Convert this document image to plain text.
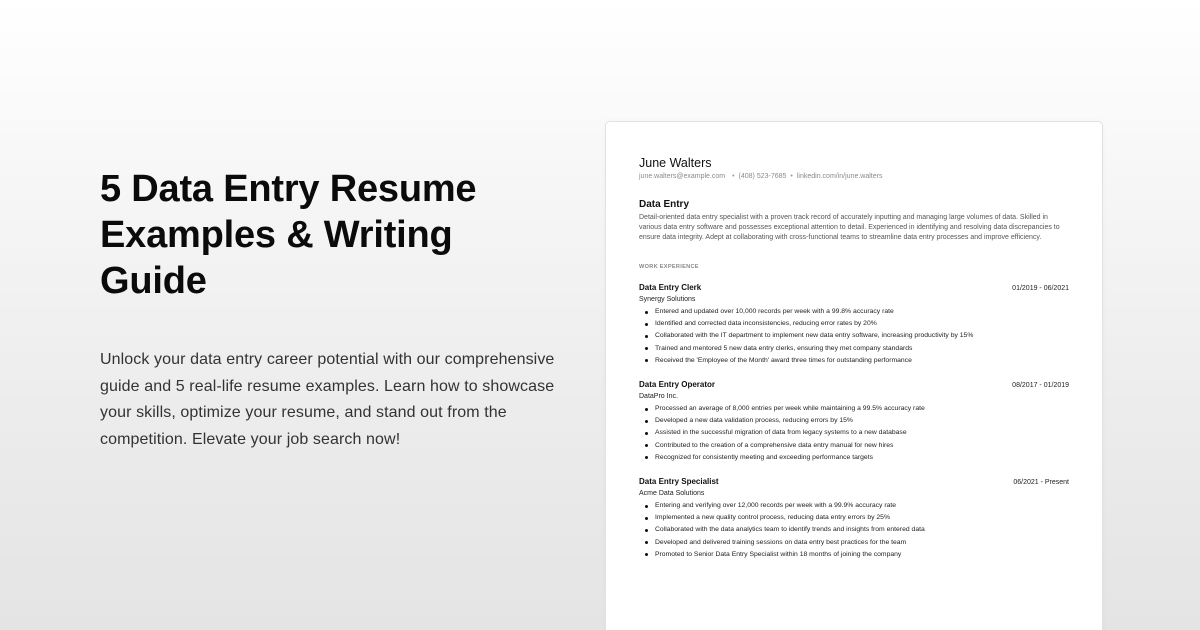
5 Data Entry Resume Examples & Writing Guide

Unlock your data entry career potential with our comprehensive guide and 5 real-life resume examples. Learn how to showcase your skills, optimize your resume, and stand out from the competition. Elevate your job search now!

June Walters
june.walters@example.com • (408) 523-7685 • linkedin.com/in/june.walters
Data Entry

Detail-oriented data entry specialist with a proven track record of accurately inputting and managing large volumes of data. Skilled in various data entry software and possesses exceptional attention to detail. Experienced in identifying and resolving data discrepancies to ensure data integrity. Adept at collaborating with cross-functional teams to streamline data entry processes and improve efficiency.

WORK EXPERIENCE
Data Entry Clerk	01/2019 - 06/2021
Synergy Solutions
Entered and updated over 10,000 records per week with a 99.8% accuracy rate
Identified and corrected data inconsistencies, reducing error rates by 20%
Collaborated with the IT department to implement new data entry software, increasing productivity by 15%
Trained and mentored 5 new data entry clerks, ensuring they met company standards
Received the 'Employee of the Month' award three times for outstanding performance
Data Entry Operator	08/2017 - 01/2019
DataPro Inc.
Processed an average of 8,000 entries per week while maintaining a 99.5% accuracy rate
Developed a new data validation process, reducing errors by 15%
Assisted in the successful migration of data from legacy systems to a new database
Contributed to the creation of a comprehensive data entry manual for new hires
Recognized for consistently meeting and exceeding performance targets
Data Entry Specialist	06/2021 - Present
Acme Data Solutions
Entering and verifying over 12,000 records per week with a 99.9% accuracy rate
Implemented a new quality control process, reducing data entry errors by 25%
Collaborated with the data analytics team to identify trends and insights from entered data
Developed and delivered training sessions on data entry best practices for the team
Promoted to Senior Data Entry Specialist within 18 months of joining the company
